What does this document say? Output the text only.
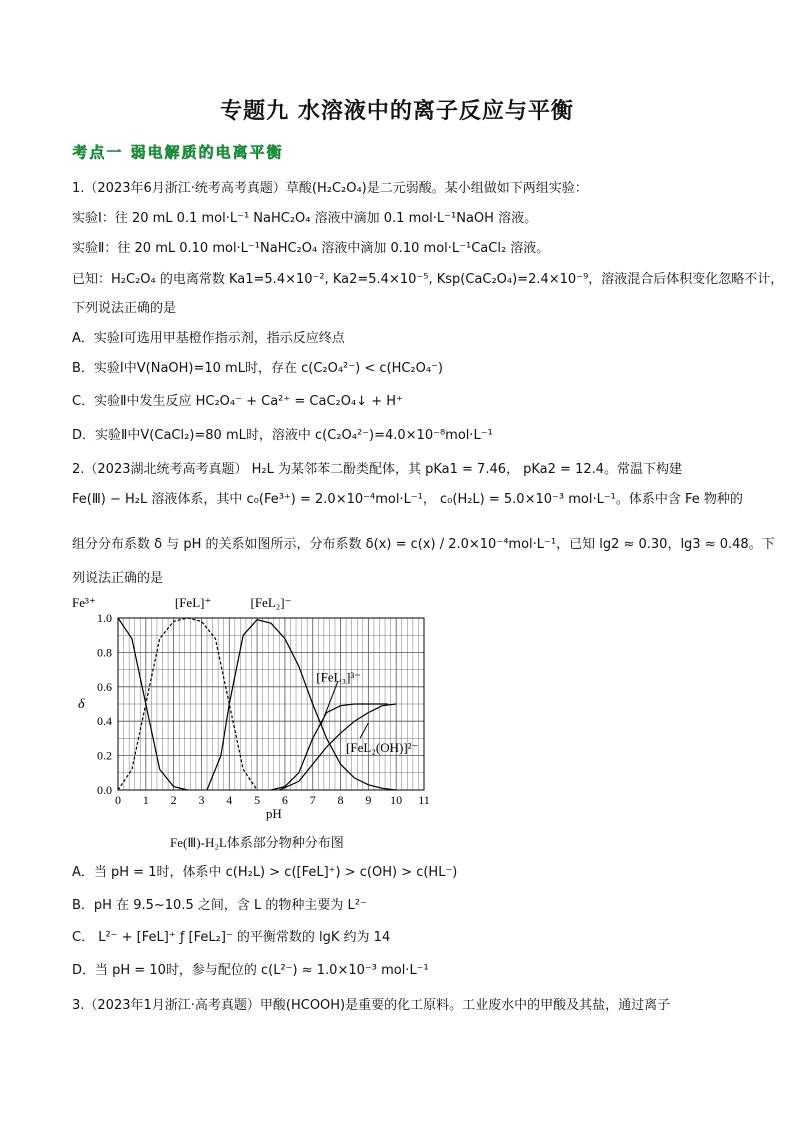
专题九 水溶液中的离子反应与平衡
考点一 弱电解质的电离平衡
1.（2023年6月浙江·统考高考真题）草酸(H₂C₂O₄)是二元弱酸。某小组做如下两组实验：
实验Ⅰ：往 20 mL 0.1 mol·L⁻¹ NaHC₂O₄ 溶液中滴加 0.1 mol·L⁻¹NaOH 溶液。
实验Ⅱ：往 20 mL 0.10 mol·L⁻¹NaHC₂O₄ 溶液中滴加 0.10 mol·L⁻¹CaCl₂ 溶液。
已知：H₂C₂O₄ 的电离常数 Ka1=5.4×10⁻², Ka2=5.4×10⁻⁵, Ksp(CaC₂O₄)=2.4×10⁻⁹，溶液混合后体积变化忽略不计，
下列说法正确的是
A．实验Ⅰ可选用甲基橙作指示剂，指示反应终点
B．实验Ⅰ中V(NaOH)=10 mL时，存在 c(C₂O₄²⁻) < c(HC₂O₄⁻)
C．实验Ⅱ中发生反应 HC₂O₄⁻ + Ca²⁺ = CaC₂O₄↓ + H⁺
D．实验Ⅱ中V(CaCl₂)=80 mL时，溶液中 c(C₂O₄²⁻)=4.0×10⁻⁸mol·L⁻¹
2.（2023湖北统考高考真题） H₂L 为某邻苯二酚类配体，其 pKa1 = 7.46， pKa2 = 12.4。常温下构建
Fe(Ⅲ) − H₂L 溶液体系，其中 c₀(Fe³⁺) = 2.0×10⁻⁴mol·L⁻¹， c₀(H₂L) = 5.0×10⁻³ mol·L⁻¹。体系中含 Fe 物种的
组分分布系数 δ 与 pH 的关系如图所示，分布系数 δ(x) = c(x) / 2.0×10⁻⁴mol·L⁻¹，已知 lg2 ≈ 0.30，lg3 ≈ 0.48。下
列说法正确的是
0 1 2 3 4 5 6 7 8 9 10 11
0.0
0.2
0.4
0.6
0.8
1.0
pH
δ
Fe³⁺	[FeL]⁺	[FeL₂]⁻
[FeL₃]³⁻
[FeL₂(OH)]²⁻
Fe(Ⅲ)-H₂L体系部分物种分布图
A．当 pH = 1时，体系中 c(H₂L) > c([FeL]⁺) > c(OH) > c(HL⁻)
B．pH 在 9.5~10.5 之间，含 L 的物种主要为 L²⁻
C． L²⁻ + [FeL]⁺ ƒ [FeL₂]⁻ 的平衡常数的 lgK 约为 14
D．当 pH = 10时，参与配位的 c(L²⁻) ≈ 1.0×10⁻³ mol·L⁻¹
3.（2023年1月浙江·高考真题）甲酸(HCOOH)是重要的化工原料。工业废水中的甲酸及其盐，通过离子
